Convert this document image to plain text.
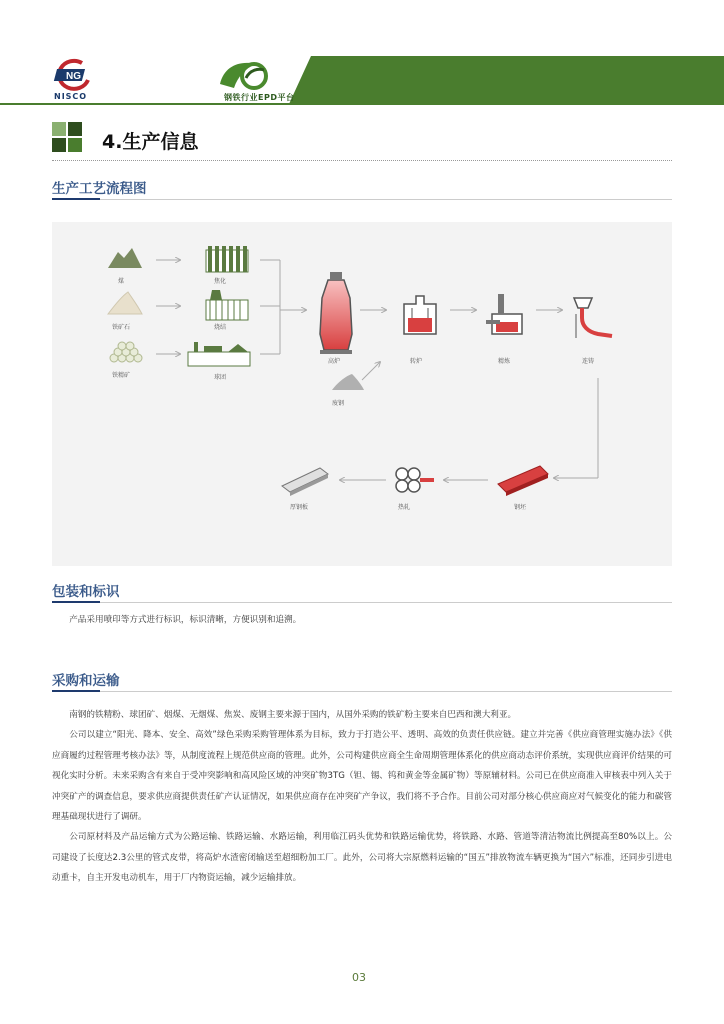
NG
NISCO	钢铁行业EPD平台
4.生产信息
生产工艺流程图
煤
铁矿石
铁精矿
焦化
烧结
球团
高炉
废钢
转炉	精炼	连铸
钢坯
热轧
厚钢板
包装和标识
产品采用喷印等方式进行标识，标识清晰，方便识别和追溯。
采购和运输
南钢的铁精粉、球团矿、烟煤、无烟煤、焦炭、废钢主要来源于国内，从国外采购的铁矿粉主要来自巴西和澳大利亚。
公司以建立“阳光、降本、安全、高效”绿色采购采购管理体系为目标，致力于打造公平、透明、高效的负责任供应链。建立并完善《供应商管理实施办法》《供应商履约过程管理考核办法》等，从制度流程上规范供应商的管理。此外，公司构建供应商全生命周期管理体系化的供应商动态评价系统，实现供应商评价结果的可视化实时分析。未来采购含有来自于受冲突影响和高风险区域的冲突矿物3TG（钽、锡、钨和黄金等金属矿物）等原辅材料。公司已在供应商准入审核表中列入关于冲突矿产的调查信息，要求供应商提供责任矿产认证情况，如果供应商存在冲突矿产争议，我们将不予合作。目前公司对部分核心供应商应对气候变化的能力和碳管理基础现状进行了调研。
公司原材料及产品运输方式为公路运输、铁路运输、水路运输，利用临江码头优势和铁路运输优势，将铁路、水路、管道等清洁物流比例提高至80%以上。公司建设了长度达2.3公里的管式皮带，将高炉水渣密闭输送至超细粉加工厂。此外，公司将大宗原燃料运输的“国五”排放物流车辆更换为“国六”标准，还同步引进电动重卡，自主开发电动机车，用于厂内物资运输，减少运输排放。
03
